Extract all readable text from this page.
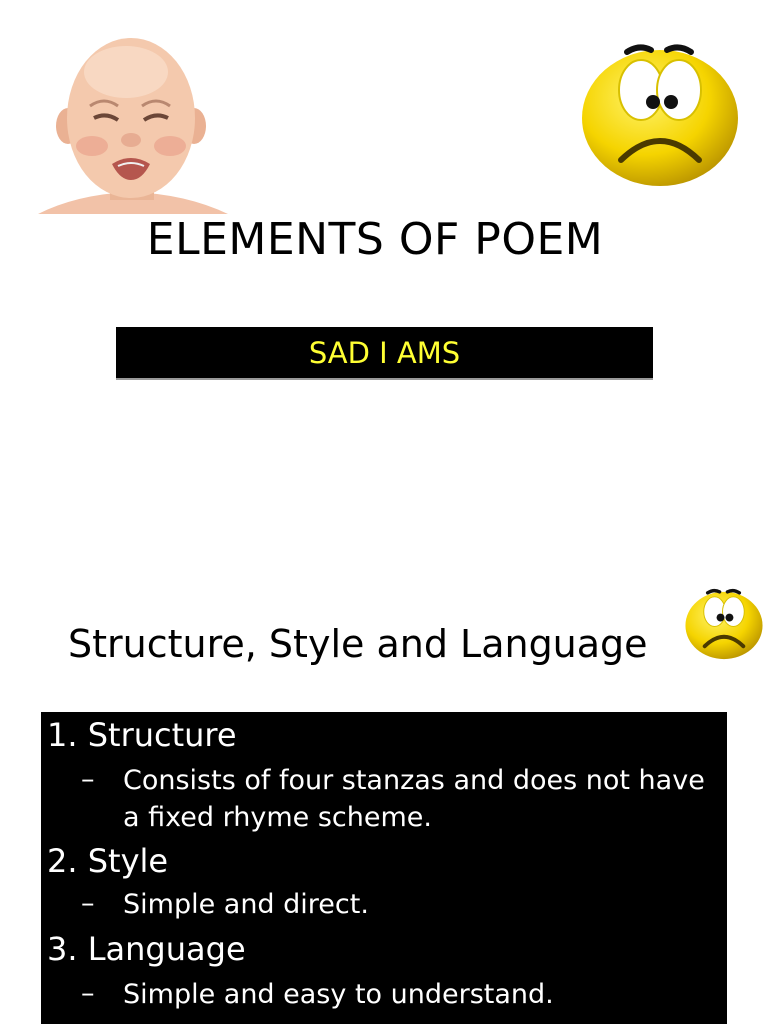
ELEMENTS OF POEM
SAD I AMS
Structure, Style and Language
1. Structure
– Consists of four stanzas and does not have a fixed rhyme scheme.
2. Style
– Simple and direct.
3. Language
– Simple and easy to understand.
